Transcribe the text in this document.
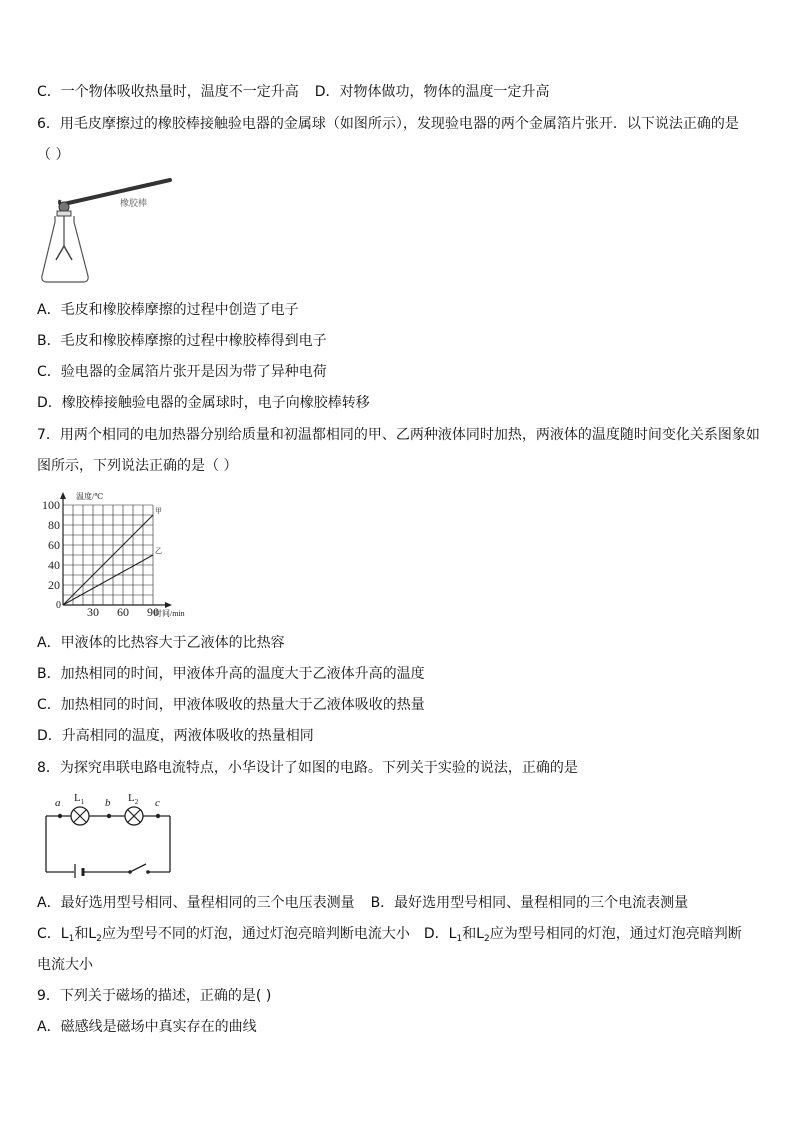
C．一个物体吸收热量时，温度不一定升高 D．对物体做功，物体的温度一定升高
6．用毛皮摩擦过的橡胶棒接触验电器的金属球（如图所示），发现验电器的两个金属箔片张开．以下说法正确的是
（ ）
橡胶棒
A．毛皮和橡胶棒摩擦的过程中创造了电子
B．毛皮和橡胶棒摩擦的过程中橡胶棒得到电子
C．验电器的金属箔片张开是因为带了异种电荷
D．橡胶棒接触验电器的金属球时，电子向橡胶棒转移
7．用两个相同的电加热器分别给质量和初温都相同的甲、乙两种液体同时加热，两液体的温度随时间变化关系图象如
图所示，下列说法正确的是（ ）
甲
乙
100
80
60
40
20
30 60 90
温度/℃
时间/min
0
A．甲液体的比热容大于乙液体的比热容
B．加热相同的时间，甲液体升高的温度大于乙液体升高的温度
C．加热相同的时间，甲液体吸收的热量大于乙液体吸收的热量
D．升高相同的温度，两液体吸收的热量相同
8．为探究串联电路电流特点，小华设计了如图的电路。下列关于实验的说法，正确的是
a	b	c
$L_1$	$L_2$
A．最好选用型号相同、量程相同的三个电压表测量 B．最好选用型号相同、量程相同的三个电流表测量
C．$L_1$和$L_2$应为型号不同的灯泡，通过灯泡亮暗判断电流大小 D．$L_1$和$L_2$应为型号相同的灯泡，通过灯泡亮暗判断
电流大小
9．下列关于磁场的描述，正确的是( )
A．磁感线是磁场中真实存在的曲线
